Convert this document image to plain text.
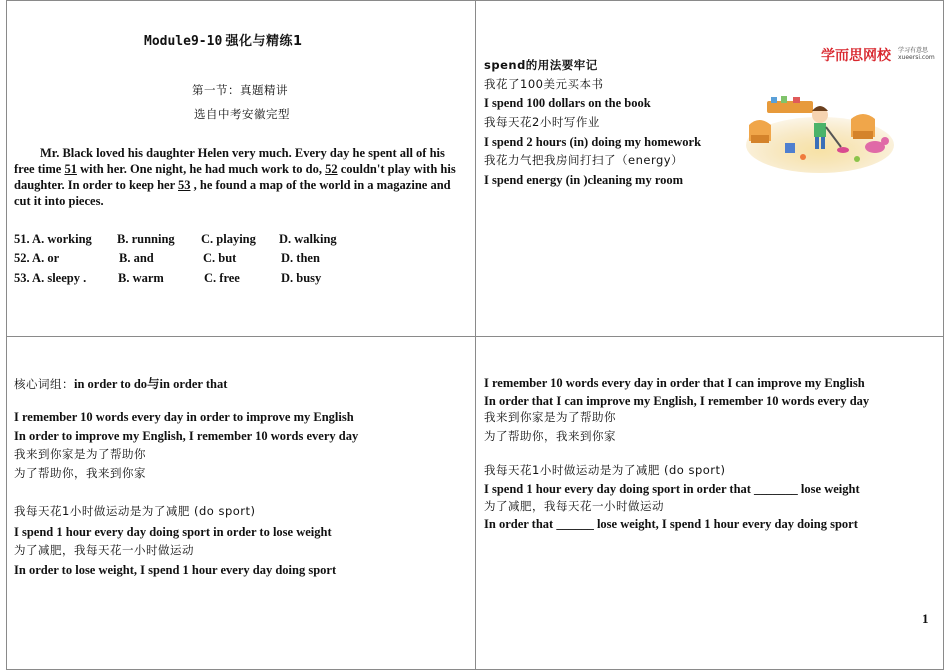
Module9-10 强化与精练1
第一节：真题精讲
选自中考安徽完型
Mr. Black loved his daughter Helen very much. Every day he spent all of his free time 51 with her. One night, he had much work to do, 52 couldn't play with his daughter. In order to keep her 53 , he found a map of the world in a magazine and cut it into pieces.
51. A. working B. running C. playing D. walking
52. A. or	B. and	C. but	D. then
53. A. sleepy .	B. warm	C. free	D. busy
spend的用法要牢记
我花了100美元买本书
I spend 100 dollars on the book
我每天花2小时写作业
I spend 2 hours (in) doing my homework
我花力气把我房间打扫了（energy）
I spend energy (in )cleaning my room
学而思网校 学习有意思
xueersi.com
核心词组：in order to do与in order that
I remember 10 words every day in order to improve my English
In order to improve my English, I remember 10 words every day
我来到你家是为了帮助你
为了帮助你，我来到你家
我每天花1小时做运动是为了减肥 (do sport)
I spend 1 hour every day doing sport in order to lose weight
为了减肥，我每天花一小时做运动
In order to lose weight, I spend 1 hour every day doing sport
I remember 10 words every day in order that I can improve my English
In order that I can improve my English, I remember 10 words every day
我来到你家是为了帮助你
为了帮助你，我来到你家
我每天花1小时做运动是为了减肥 (do sport)
I spend 1 hour every day doing sport in order that _______ lose weight
为了减肥，我每天花一小时做运动
In order that ______ lose weight, I spend 1 hour every day doing sport
1
